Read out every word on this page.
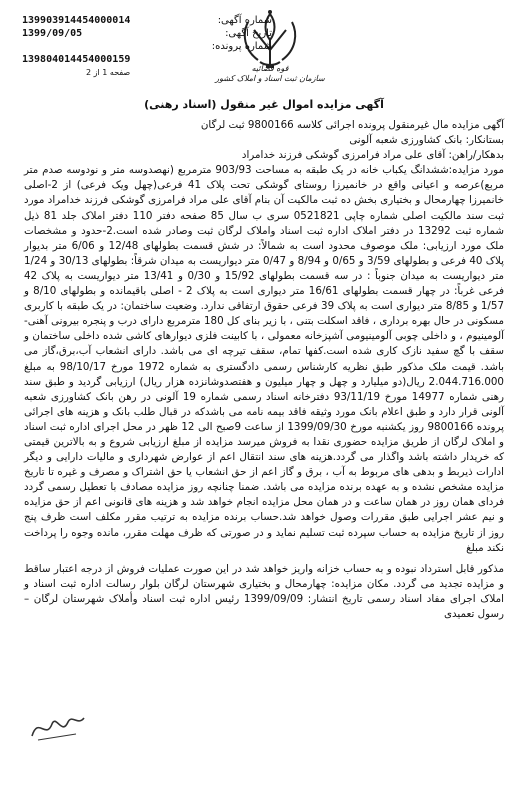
قوه قضائیه
سازمان ثبت اسناد و املاک کشور
139903914454000014	شماره آگهی:
1399/09/05	تاریخ آگهی:
شماره پرونده:
139804014454000159
صفحه 1 از 2
آگهی مزایده اموال غیر منقول (اسناد رهنی)

آگهی مزایده مال غیرمنقول پرونده اجرائی کلاسه 9800166 ثبت لرگان

بستانکار: بانک کشاورزی شعبه آلونی

بدهکار/راهن: آقای علی مراد فرامرزی گوشکی فرزند خدامراد

مورد مزایده:ششدانگ یکباب خانه در یک طبقه به مساحت 903/93 مترمربع (نهصدوسه متر و نودوسه صدم متر مربع)عرصه و اعیانی واقع در خانمیرزا روستای گوشکی تحت پلاک 41 فرعی(چهل ویک فرعی) از 2-اصلی خانمیرزا چهارمحال و بختیاری بخش ده ثبت مالکیت آن بنام آقای علی مراد فرامرزی گوشکی فرزند خدامراد مورد ثبت سند مالکیت اصلی شماره چاپی 0521821 سری ب سال 85 صفحه دفتر 110 دفتر املاک جلد 81 ذیل شماره ثبت 13292 در دفتر املاک اداره ثبت اسناد واملاک لرگان ثبت وصادر شده است.2-حدود و مشخصات ملک مورد ارزیابی: ملک موصوف محدود است به شمالاً: در شش قسمت بطولهای 12/48 و 6/06 متر بدیوار پلاک 40 فرعی و بطولهای 3/59 و 0/65 و 8/94 و 0/47 متر دیواریست به میدان شرقاً: بطولهای 30/13 و 1/24 متر دیواریست به میدان جنوباً : در سه قسمت بطولهای 15/92 و 0/30 و 13/41 متر دیواریست به پلاک 42 فرعی غرباً: در چهار قسمت بطولهای 16/61 متر دیواری است به پلاک 2 - اصلی باقیمانده و بطولهای 8/10 و 1/57 و 8/85 متر دیواری است به پلاک 39 فرعی حقوق ارتفاقی ندارد. وضعیت ساختمان: در یک طبقه با کاربری مسکونی در حال بهره برداری ، فاقد اسکلت بتنی ، با زیر بنای کل 180 مترمربع دارای درب و پنجره بیرونی آهنی-آلومینیوم ، و داخلی چوبی آلومینیومی آشپزخانه معمولی ، با کابینت فلزی دیوارهای کاشی شده داخلی ساختمان و سقف با گچ سفید نازک کاری شده است.کفها تمام، سقف تیرچه ای می باشد. دارای انشعاب آب،برق،گاز می باشد. قیمت ملک مذکور طبق نظریه کارشناس رسمی دادگستری به شماره 1972 مورخ 98/10/17 به مبلغ 2.044.716.000 ریال(دو میلیارد و چهل و چهار میلیون و هفتصدوشانزده هزار ریال) ارزیابی گردید و طبق سند رهنی شماره 14977 مورخ 93/11/19 دفترخانه اسناد رسمی شماره 19 آلونی در رهن بانک کشاورزی شعبه آلونی قرار دارد و طبق اعلام بانک مورد وثیقه فاقد بیمه نامه می باشدکه در قبال طلب بانک و هزینه های اجرائی پرونده 9800166 روز یکشنبه مورخ 1399/09/30 از ساعت 9صبح الی 12 ظهر در محل اجرای اداره ثبت اسناد و املاک لرگان از طریق مزایده حضوری نقدا به فروش میرسد مزایده از مبلغ ارزیابی شروع و به بالاترین قیمتی که خریدار داشته باشد واگذار می گردد.هزینه های سند انتقال اعم از عوارض شهرداری و مالیات دارایی و دیگر ادارات ذیربط و بدهی های مربوط به آب ، برق و گاز اعم از حق انشعاب یا حق اشتراک و مصرف و غیره تا تاریخ مزایده مشخص نشده و به عهده برنده مزایده می باشد. ضمنا چنانچه روز مزایده مصادف با تعطیل رسمی گردد فردای همان روز در همان ساعت و در همان محل مزایده انجام خواهد شد و هزینه های قانونی اعم از حق مزایده و نیم عشر اجرایی طبق مقررات وصول خواهد شد.حساب برنده مزایده به ترتیب مقرر مکلف است ظرف پنج روز از تاریخ مزایده به حساب سپرده ثبت تسلیم نماید و در صورتی که ظرف مهلت مقرر، مانده وجوه را پرداخت نکند مبلغ

مذکور قابل استرداد نبوده و به حساب خزانه واریز خواهد شد در این صورت عملیات فروش از درجه اعتبار ساقط و مزایده تجدید می گردد. مکان مزایده: چهارمحال و بختیاری شهرستان لرگان بلوار رسالت اداره ثبت اسناد و املاک اجرای مفاد اسناد رسمی تاریخ انتشار: 1399/09/09 رئیس اداره ثبت اسناد وأملاک شهرستان لرگان – رسول تعمیدی
